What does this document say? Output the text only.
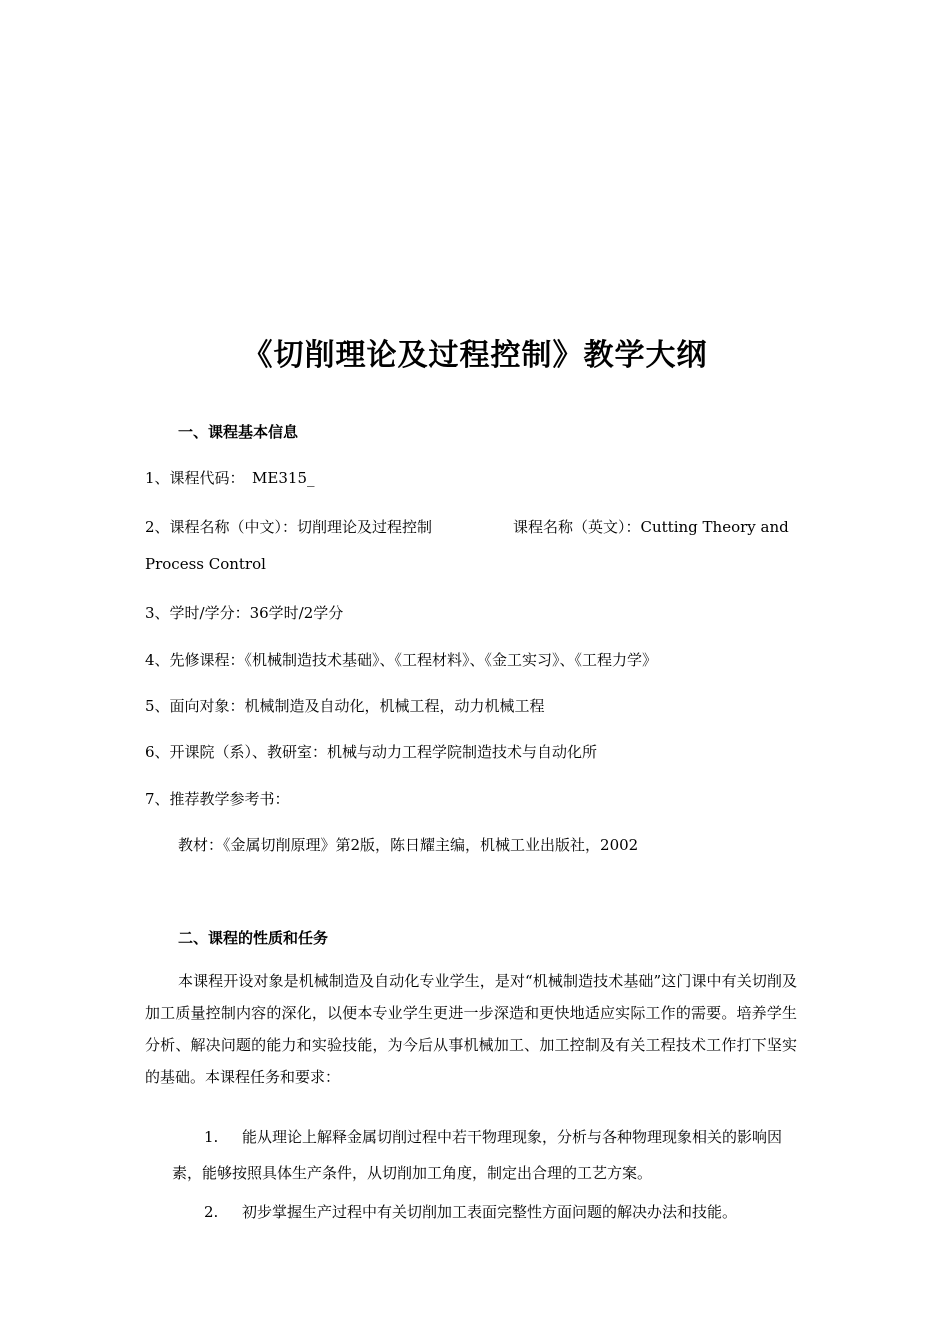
《切削理论及过程控制》教学大纲
一、课程基本信息
1、课程代码：　ME315_
2、课程名称（中文）：切削理论及过程控制	课程名称（英文）：Cutting Theory and
Process Control
3、学时/学分：36学时/2学分
4、先修课程：《机械制造技术基础》、《工程材料》、《金工实习》、《工程力学》
5、面向对象：机械制造及自动化，机械工程，动力机械工程
6、开课院（系）、教研室：机械与动力工程学院制造技术与自动化所
7、推荐教学参考书：
教材：《金属切削原理》第2版，陈日耀主编，机械工业出版社，2002
二、课程的性质和任务
本课程开设对象是机械制造及自动化专业学生，是对“机械制造技术基础”这门课中有关切削及加工质量控制内容的深化，以便本专业学生更进一步深造和更快地适应实际工作的需要。培养学生分析、解决问题的能力和实验技能，为今后从事机械加工、加工控制及有关工程技术工作打下坚实的基础。本课程任务和要求：
1. 能从理论上解释金属切削过程中若干物理现象，分析与各种物理现象相关的影响因素，能够按照具体生产条件，从切削加工角度，制定出合理的工艺方案。
2. 初步掌握生产过程中有关切削加工表面完整性方面问题的解决办法和技能。
